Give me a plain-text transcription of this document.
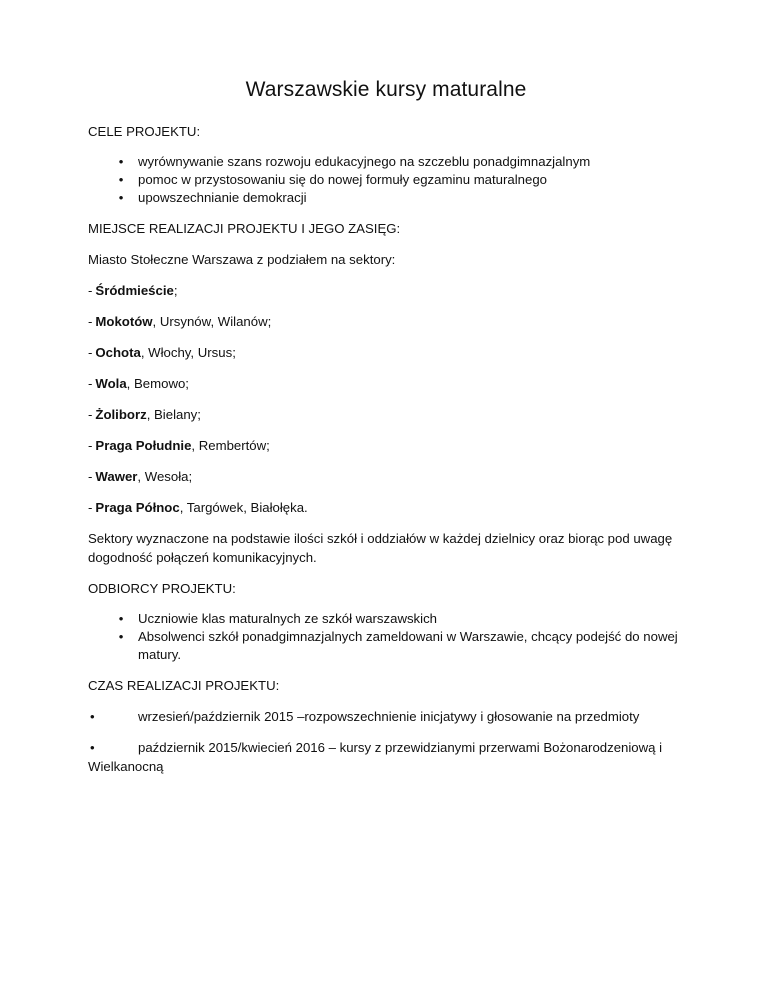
Warszawskie kursy maturalne

CELE PROJEKTU:

• wyrównywanie szans rozwoju edukacyjnego na szczeblu ponadgimnazjalnym
• pomoc w przystosowaniu się do nowej formuły egzaminu maturalnego
• upowszechnianie demokracji

MIEJSCE REALIZACJI PROJEKTU I JEGO ZASIĘG:

Miasto Stołeczne Warszawa z podziałem na sektory:

- Śródmieście;

- Mokotów, Ursynów, Wilanów;

- Ochota, Włochy, Ursus;

- Wola, Bemowo;

- Żoliborz, Bielany;

- Praga Południe, Rembertów;

- Wawer, Wesoła;

- Praga Północ, Targówek, Białołęka.

Sektory wyznaczone na podstawie ilości szkół i oddziałów w każdej dzielnicy oraz biorąc pod uwagę dogodność połączeń komunikacyjnych.

ODBIORCY PROJEKTU:

• Uczniowie klas maturalnych ze szkół warszawskich
• Absolwenci szkół ponadgimnazjalnych zameldowani w Warszawie, chcący podejść do nowej matury.

CZAS REALIZACJI PROJEKTU:

•	wrzesień/październik 2015 –rozpowszechnienie inicjatywy i głosowanie na przedmioty

•	październik 2015/kwiecień 2016 – kursy z przewidzianymi przerwami Bożonarodzeniową i Wielkanocną
